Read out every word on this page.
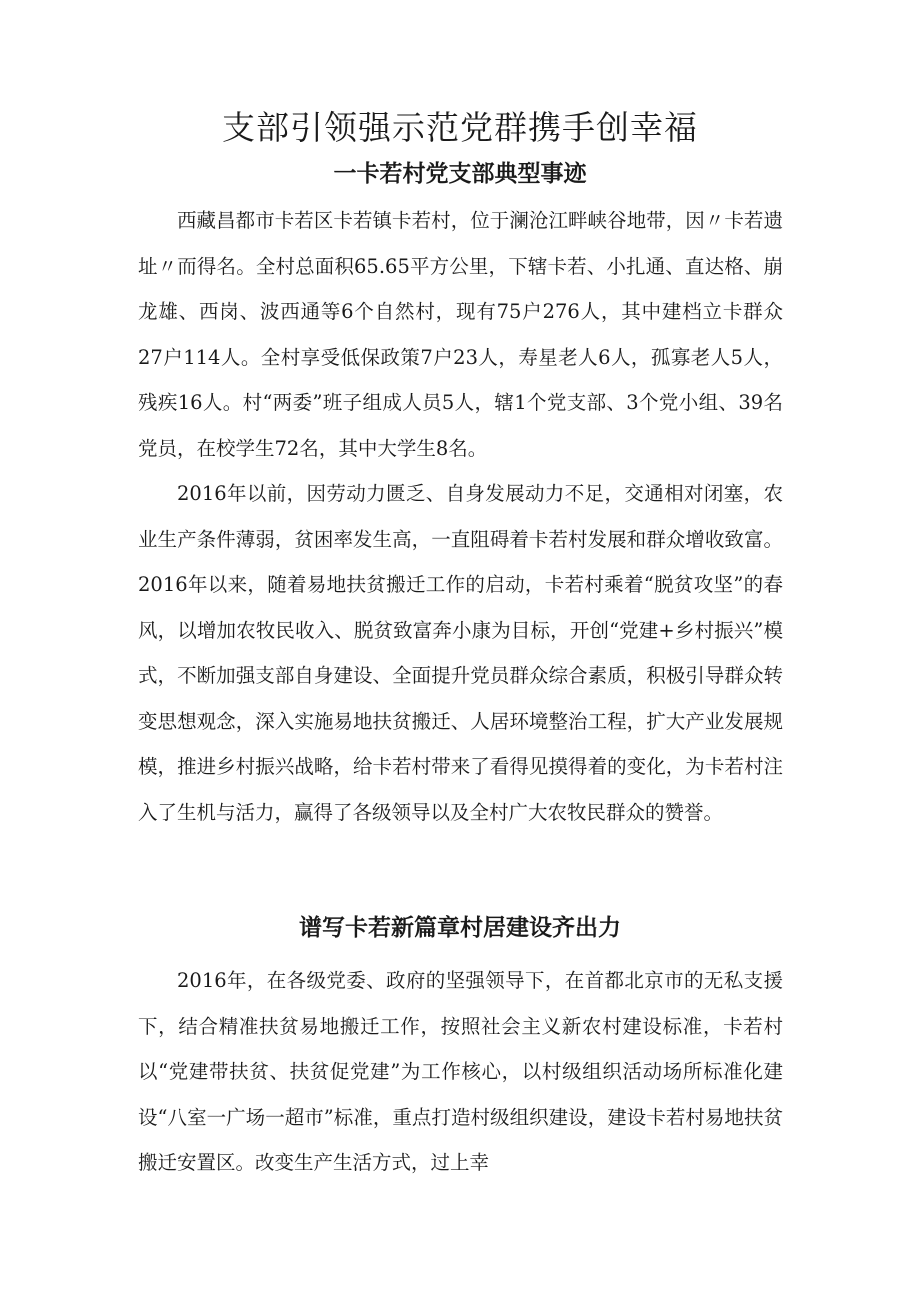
支部引领强示范党群携手创幸福
一卡若村党支部典型事迹

西藏昌都市卡若区卡若镇卡若村，位于澜沧江畔峡谷地带，因〃卡若遗址〃而得名。全村总面积65.65平方公里，下辖卡若、小扎通、直达格、崩龙雄、西岗、波西通等6个自然村，现有75户276人，其中建档立卡群众27户114人。全村享受低保政策7户23人，寿星老人6人，孤寡老人5人，残疾16人。村“两委”班子组成人员5人，辖1个党支部、3个党小组、39名党员，在校学生72名，其中大学生8名。

2016年以前，因劳动力匮乏、自身发展动力不足，交通相对闭塞，农业生产条件薄弱，贫困率发生高，一直阻碍着卡若村发展和群众增收致富。2016年以来，随着易地扶贫搬迁工作的启动，卡若村乘着“脱贫攻坚”的春风，以增加农牧民收入、脱贫致富奔小康为目标，开创“党建+乡村振兴”模式，不断加强支部自身建设、全面提升党员群众综合素质，积极引导群众转变思想观念，深入实施易地扶贫搬迁、人居环境整治工程，扩大产业发展规模，推进乡村振兴战略，给卡若村带来了看得见摸得着的变化，为卡若村注入了生机与活力，赢得了各级领导以及全村广大农牧民群众的赞誉。

谱写卡若新篇章村居建设齐出力

2016年，在各级党委、政府的坚强领导下，在首都北京市的无私支援下，结合精准扶贫易地搬迁工作，按照社会主义新农村建设标准，卡若村以“党建带扶贫、扶贫促党建”为工作核心，以村级组织活动场所标准化建设“八室一广场一超市”标准，重点打造村级组织建设，建设卡若村易地扶贫搬迁安置区。改变生产生活方式，过上幸
